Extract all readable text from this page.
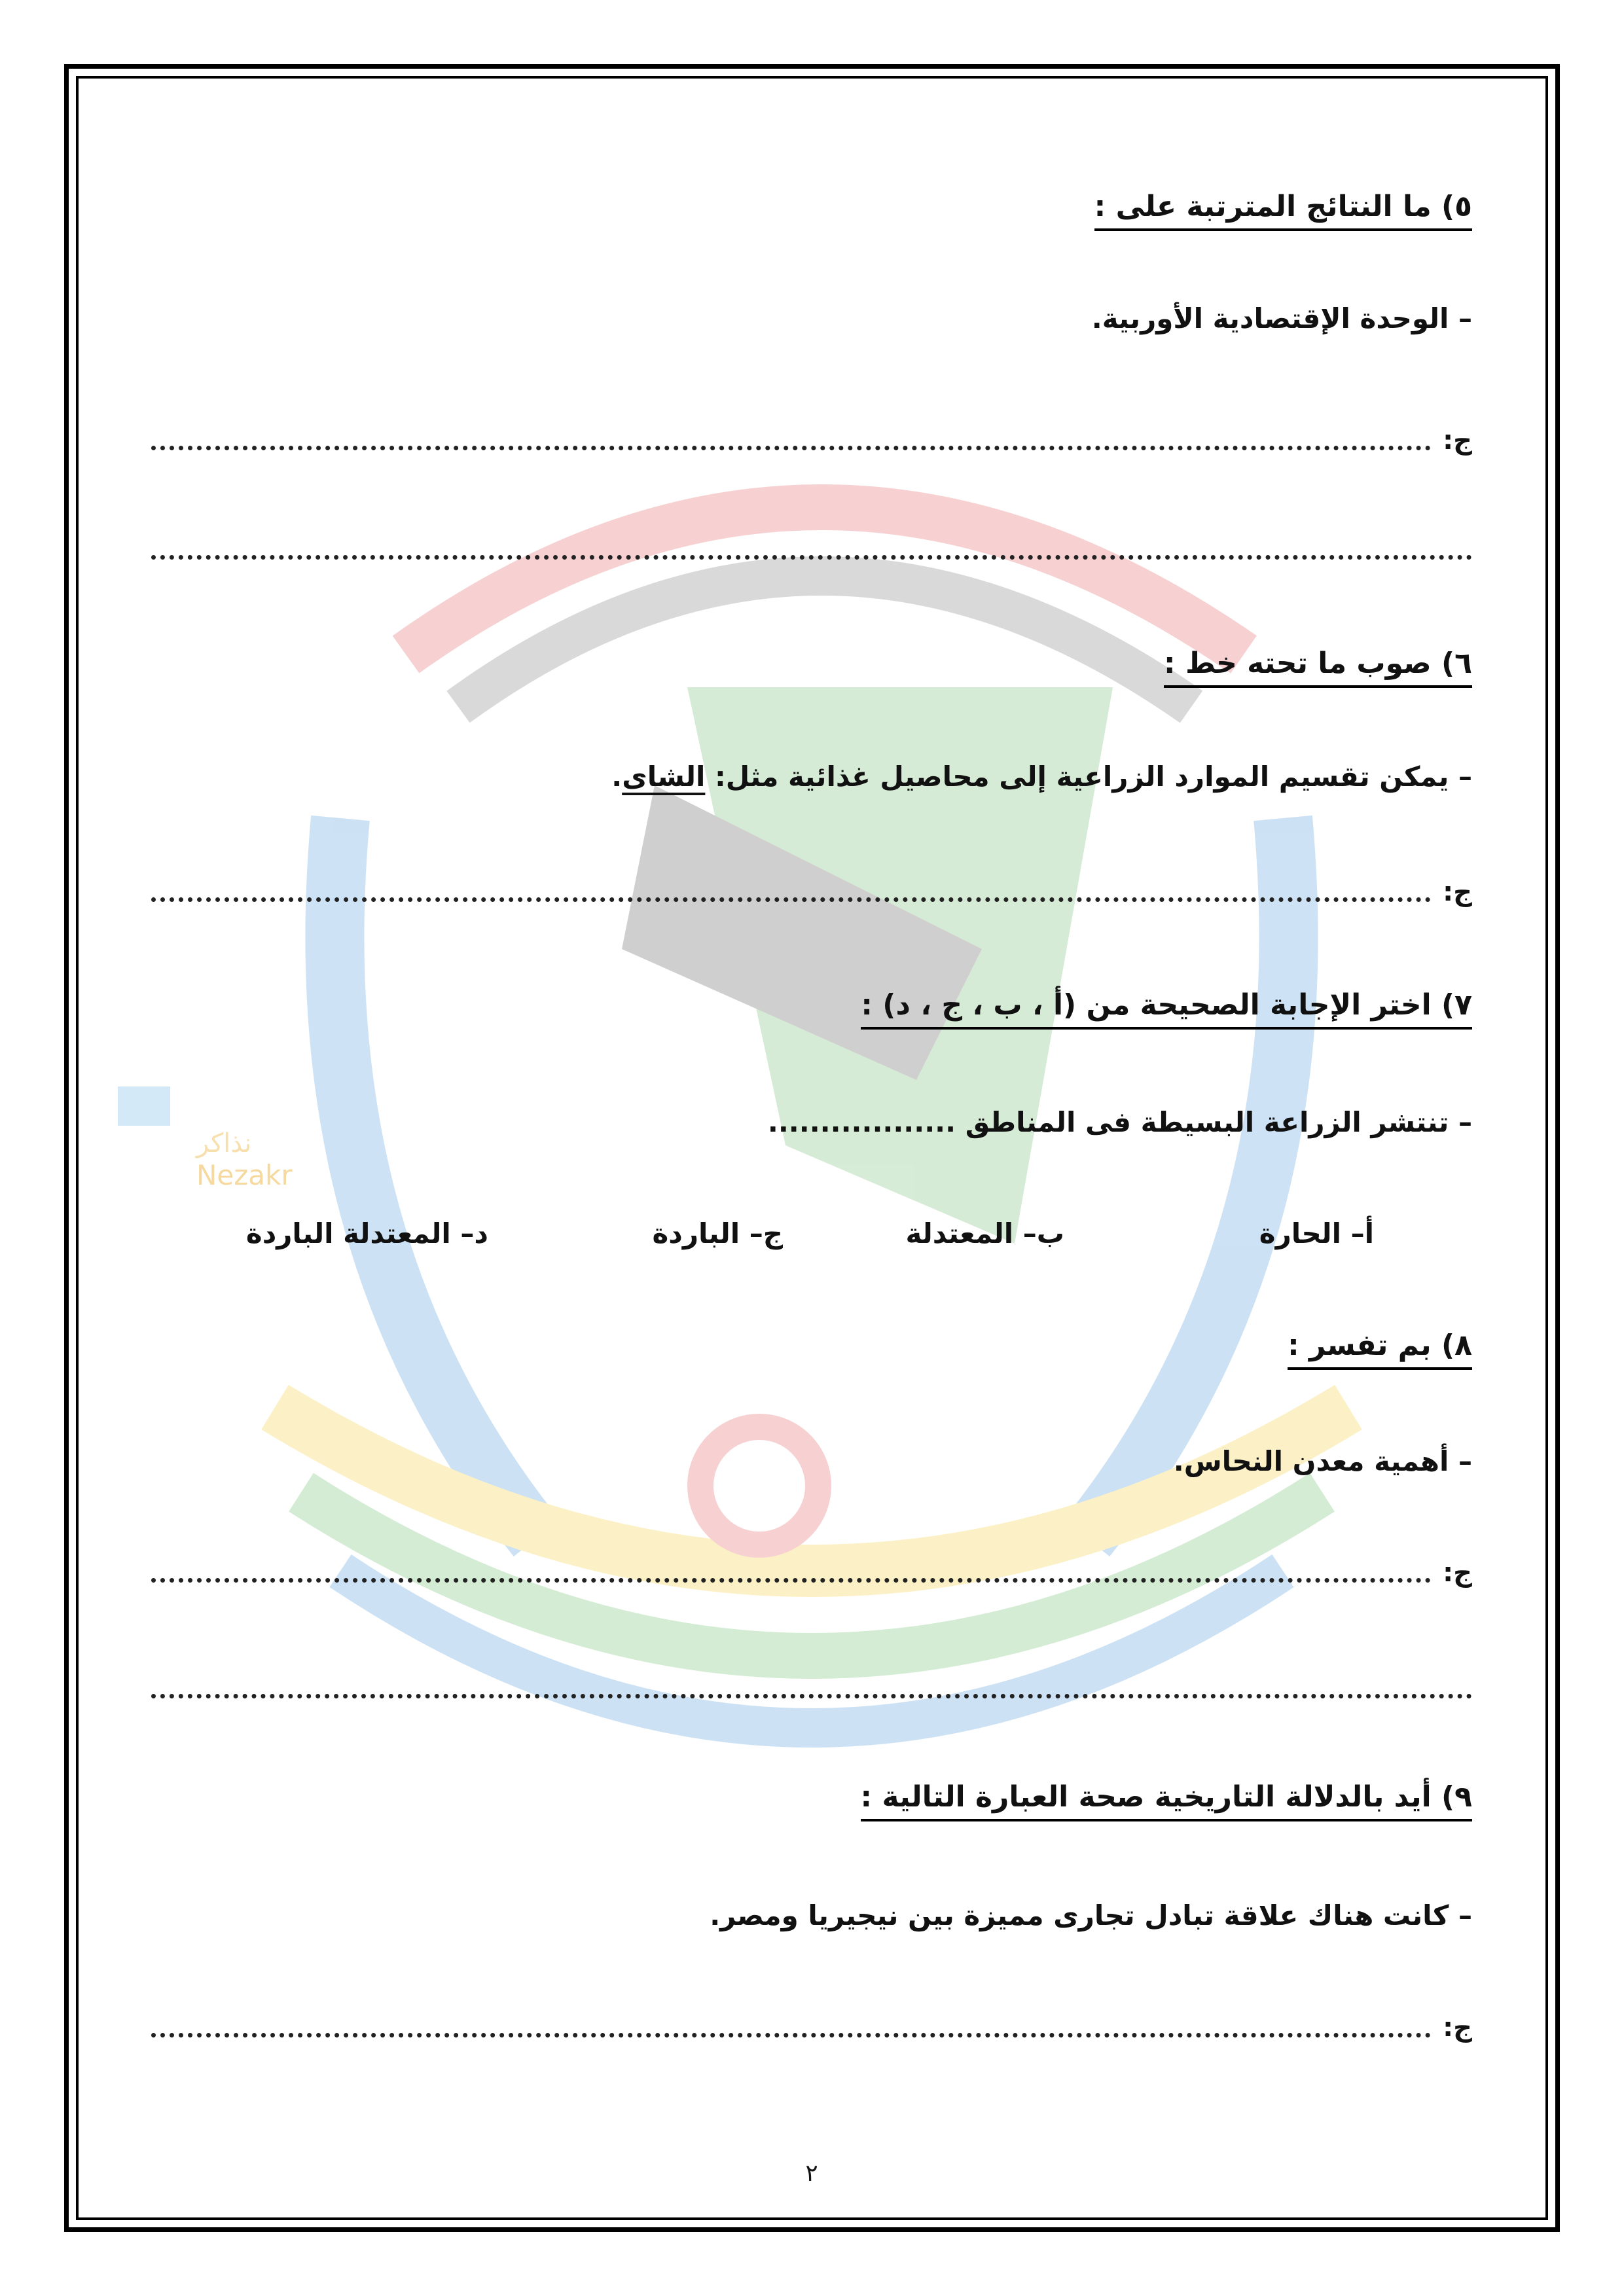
Nezakr
نذاكر
٥) ما النتائج المترتبة على :

– الوحدة الإقتصادية الأوربية.

ج:
٦) صوب ما تحته خط :

– يمكن تقسيم الموارد الزراعية إلى محاصيل غذائية مثل: الشاى.

ج:
٧) اختر الإجابة الصحيحة من (أ ، ب ، ج ، د) :

– تنتشر الزراعة البسيطة فى المناطق ..................

أ– الحارة
ب– المعتدلة
ج– الباردة
د– المعتدلة الباردة
٨) بم تفسر :

– أهمية معدن النحاس.

ج:
٩) أيد بالدلالة التاريخية صحة العبارة التالية :

– كانت هناك علاقة تبادل تجارى مميزة بين نيجيريا ومصر.

ج:
٢
